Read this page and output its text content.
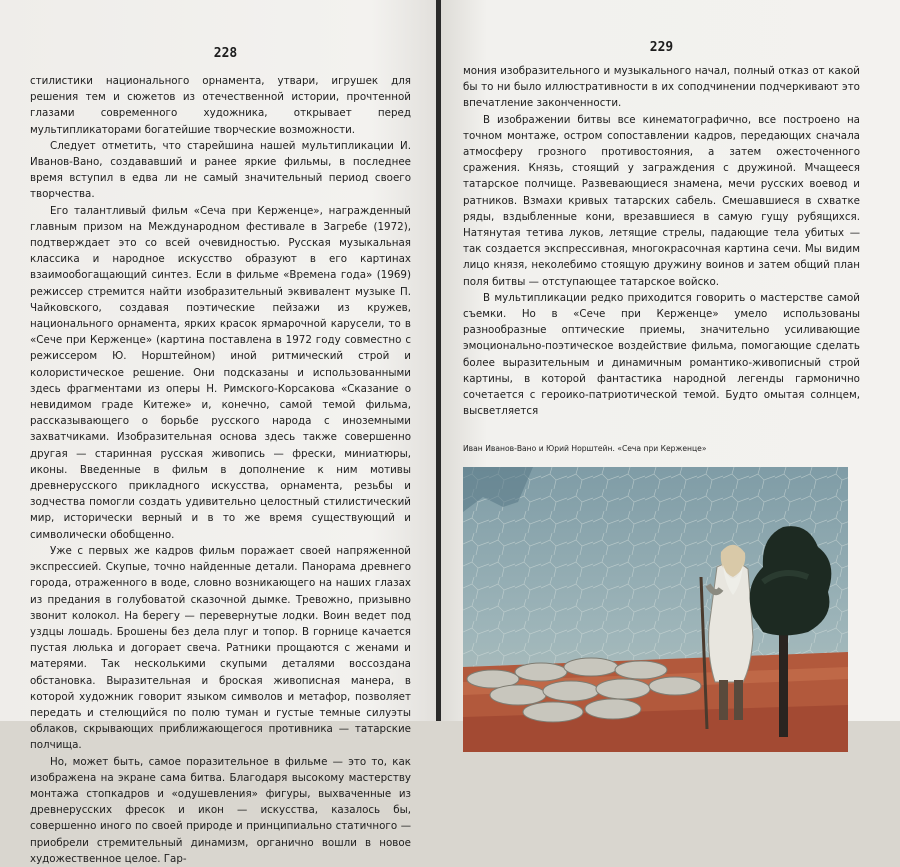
228

стилистики национального орнамента, утвари, игрушек для решения тем и сюжетов из отечественной истории, прочтенной глазами современного художника, открывает перед мультипликаторами богатейшие творческие возможности.

Следует отметить, что старейшина нашей мультипликации И. Иванов-Вано, создававший и ранее яркие фильмы, в последнее время вступил в едва ли не самый значительный период своего творчества.

Его талантливый фильм «Сеча при Керженце», награжденный главным призом на Международном фестивале в Загребе (1972), подтверждает это со всей очевидностью. Русская музыкальная классика и народное искусство образуют в его картинах взаимообогащающий синтез. Если в фильме «Времена года» (1969) режиссер стремится найти изобразительный эквивалент музыке П. Чайковского, создавая поэтические пейзажи из кружев, национального орнамента, ярких красок ярмарочной карусели, то в «Сече при Керженце» (картина поставлена в 1972 году совместно с режиссером Ю. Норштейном) иной ритмический строй и колористическое решение. Они подсказаны и использованными здесь фрагментами из оперы Н. Римского-Корсакова «Сказание о невидимом граде Китеже» и, конечно, самой темой фильма, рассказывающего о борьбе русского народа с иноземными захватчиками. Изобразительная основа здесь также совершенно другая — старинная русская живопись — фрески, миниатюры, иконы. Введенные в фильм в дополнение к ним мотивы древнерусского прикладного искусства, орнамента, резьбы и зодчества помогли создать удивительно целостный стилистический мир, исторически верный и в то же время существующий и символически обобщенно.

Уже с первых же кадров фильм поражает своей напряженной экспрессией. Скупые, точно найденные детали. Панорама древнего города, отраженного в воде, словно возникающего на наших глазах из предания в голубоватой сказочной дымке. Тревожно, призывно звонит колокол. На берегу — перевернутые лодки. Воин ведет под уздцы лошадь. Брошены без дела плуг и топор. В горнице качается пустая люлька и догорает свеча. Ратники прощаются с женами и матерями. Так несколькими скупыми деталями воссоздана обстановка. Выразительная и броская живописная манера, в которой художник говорит языком символов и метафор, позволяет передать и стелющийся по полю туман и густые темные силуэты облаков, скрывающих приближающегося противника — татарские полчища.

Но, может быть, самое поразительное в фильме — это то, как изображена на экране сама битва. Благодаря высокому мастерству монтажа стопкадров и «одушевления» фигуры, выхваченные из древнерусских фресок и икон — искусства, казалось бы, совершенно иного по своей природе и принципиально статичного — приобрели стремительный динамизм, органично вошли в новое художественное целое. Гар-

229

мония изобразительного и музыкального начал, полный отказ от какой бы то ни было иллюстративности в их соподчинении подчеркивают это впечатление законченности.

В изображении битвы все кинематографично, все построено на точном монтаже, остром сопоставлении кадров, передающих сначала атмосферу грозного противостояния, а затем ожесточенного сражения. Князь, стоящий у заграждения с дружиной. Мчащееся татарское полчище. Развевающиеся знамена, мечи русских воевод и ратников. Взмахи кривых татарских сабель. Смешавшиеся в схватке ряды, вздыбленные кони, врезавшиеся в самую гущу рубящихся. Натянутая тетива луков, летящие стрелы, падающие тела убитых — так создается экспрессивная, многокрасочная картина сечи. Мы видим лицо князя, неколебимо стоящую дружину воинов и затем общий план поля битвы — отступающее татарское войско.

В мультипликации редко приходится говорить о мастерстве самой съемки. Но в «Сече при Керженце» умело использованы разнообразные оптические приемы, значительно усиливающие эмоционально-поэтическое воздействие фильма, помогающие сделать более выразительным и динамичным романтико-живописный строй картины, в которой фантастика народной легенды гармонично сочетается с героико-патриотической темой. Будто омытая солнцем, высветляется

Иван Иванов-Вано и Юрий Норштейн. «Сеча при Керженце»
